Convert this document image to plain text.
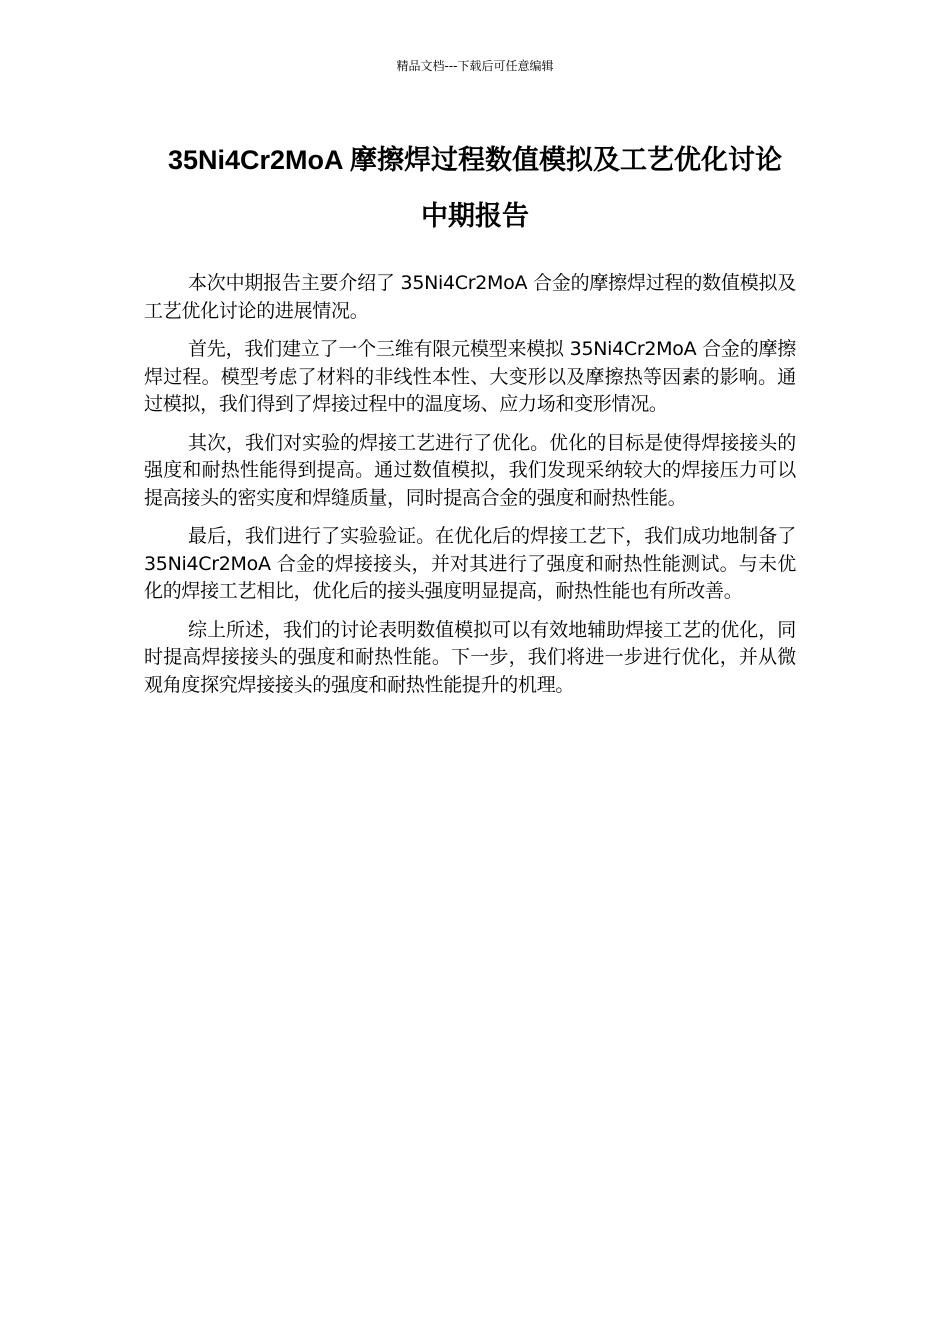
精品文档---下载后可任意编辑
35Ni4Cr2MoA 摩擦焊过程数值模拟及工艺优化讨论
中期报告

本次中期报告主要介绍了 35Ni4Cr2MoA 合金的摩擦焊过程的数值模拟及工艺优化讨论的进展情况。

首先，我们建立了一个三维有限元模型来模拟 35Ni4Cr2MoA 合金的摩擦焊过程。模型考虑了材料的非线性本性、大变形以及摩擦热等因素的影响。通过模拟，我们得到了焊接过程中的温度场、应力场和变形情况。

其次，我们对实验的焊接工艺进行了优化。优化的目标是使得焊接接头的强度和耐热性能得到提高。通过数值模拟，我们发现采纳较大的焊接压力可以提高接头的密实度和焊缝质量，同时提高合金的强度和耐热性能。

最后，我们进行了实验验证。在优化后的焊接工艺下，我们成功地制备了 35Ni4Cr2MoA 合金的焊接接头，并对其进行了强度和耐热性能测试。与未优化的焊接工艺相比，优化后的接头强度明显提高，耐热性能也有所改善。

综上所述，我们的讨论表明数值模拟可以有效地辅助焊接工艺的优化，同时提高焊接接头的强度和耐热性能。下一步，我们将进一步进行优化，并从微观角度探究焊接接头的强度和耐热性能提升的机理。
